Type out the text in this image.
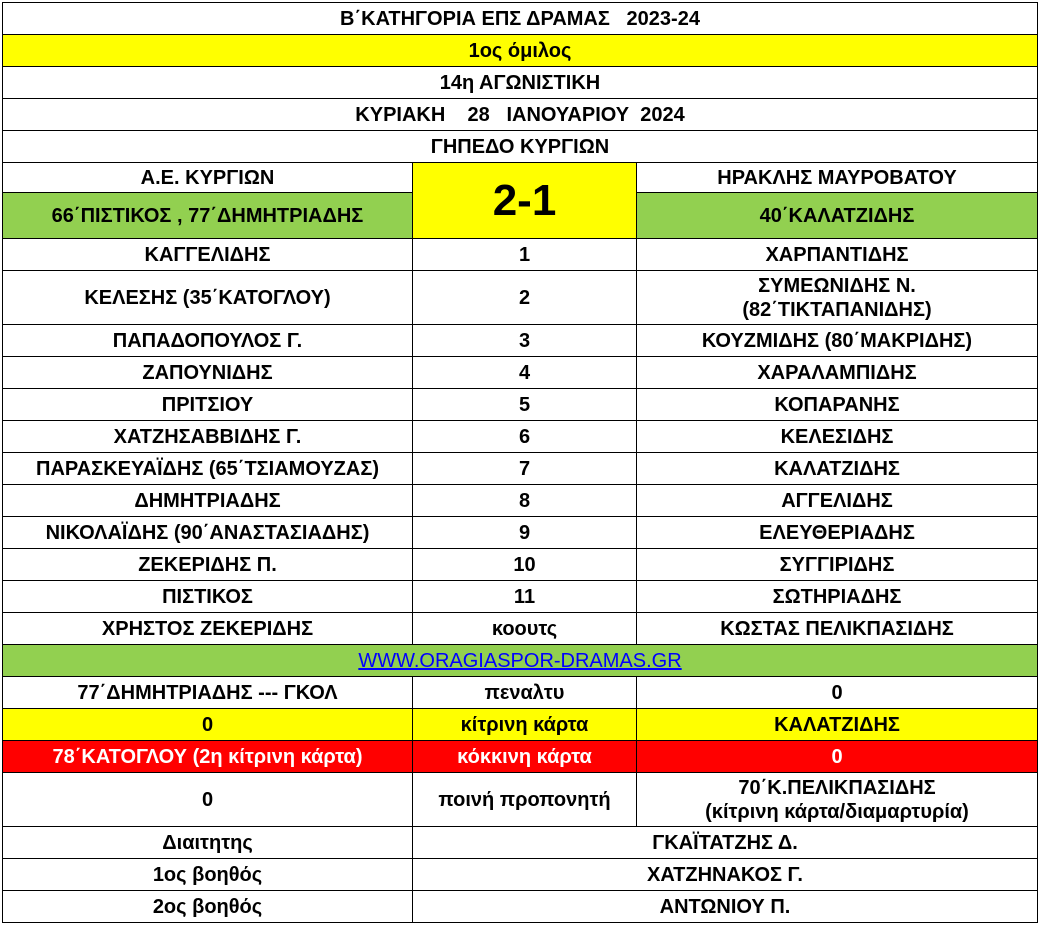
Β΄ΚΑΤΗΓΟΡΙΑ ΕΠΣ ΔΡΑΜΑΣ   2023-24		
1ος όμιλος		
14η ΑΓΩΝΙΣΤΙΚΗ		
ΚΥΡΙΑΚΗ    28   ΙΑΝΟΥΑΡΙΟΥ  2024		
ΓΗΠΕΔΟ ΚΥΡΓΙΩΝ		
Α.Ε. ΚΥΡΓΙΩΝ	2-1	ΗΡΑΚΛΗΣ ΜΑΥΡΟΒΑΤΟΥ
66΄ΠΙΣΤΙΚΟΣ , 77΄ΔΗΜΗΤΡΙΑΔΗΣ		40΄ΚΑΛΑΤΖΙΔΗΣ
ΚΑΓΓΕΛΙΔΗΣ	1	ΧΑΡΠΑΝΤΙΔΗΣ
ΚΕΛΕΣΗΣ (35΄ΚΑΤΟΓΛΟΥ)	2	ΣΥΜΕΩΝΙΔΗΣ Ν.
(82΄ΤΙΚΤΑΠΑΝΙΔΗΣ)
ΠΑΠΑΔΟΠΟΥΛΟΣ Γ.	3	ΚΟΥΖΜΙΔΗΣ (80΄ΜΑΚΡΙΔΗΣ)
ΖΑΠΟΥΝΙΔΗΣ	4	ΧΑΡΑΛΑΜΠΙΔΗΣ
ΠΡΙΤΣΙΟΥ	5	ΚΟΠΑΡΑΝΗΣ
ΧΑΤΖΗΣΑΒΒΙΔΗΣ Γ.	6	ΚΕΛΕΣΙΔΗΣ
ΠΑΡΑΣΚΕΥΑΪΔΗΣ (65΄ΤΣΙΑΜΟΥΖΑΣ)	7	ΚΑΛΑΤΖΙΔΗΣ
ΔΗΜΗΤΡΙΑΔΗΣ	8	ΑΓΓΕΛΙΔΗΣ
ΝΙΚΟΛΑΪΔΗΣ (90΄ΑΝΑΣΤΑΣΙΑΔΗΣ)	9	ΕΛΕΥΘΕΡΙΑΔΗΣ
ΖΕΚΕΡΙΔΗΣ Π.	10	ΣΥΓΓΙΡΙΔΗΣ
ΠΙΣΤΙΚΟΣ	11	ΣΩΤΗΡΙΑΔΗΣ
ΧΡΗΣΤΟΣ ΖΕΚΕΡΙΔΗΣ	κοουτς	ΚΩΣΤΑΣ ΠΕΛΙΚΠΑΣΙΔΗΣ
WWW.ORAGIASPOR-DRAMAS.GR		
77΄ΔΗΜΗΤΡΙΑΔΗΣ --- ΓΚΟΛ	πεναλτυ	0
0	κίτρινη κάρτα	ΚΑΛΑΤΖΙΔΗΣ
78΄ΚΑΤΟΓΛΟΥ (2η κίτρινη κάρτα)	κόκκινη κάρτα	0
0	ποινή προπονητή	70΄Κ.ΠΕΛΙΚΠΑΣΙΔΗΣ
(κίτρινη κάρτα/διαμαρτυρία)
Διαιτητης	ΓΚΑΪΤΑΤΖΗΣ Δ.	
1ος βοηθός	ΧΑΤΖΗΝΑΚΟΣ Γ.	
2ος βοηθός	ΑΝΤΩΝΙΟΥ Π.	
